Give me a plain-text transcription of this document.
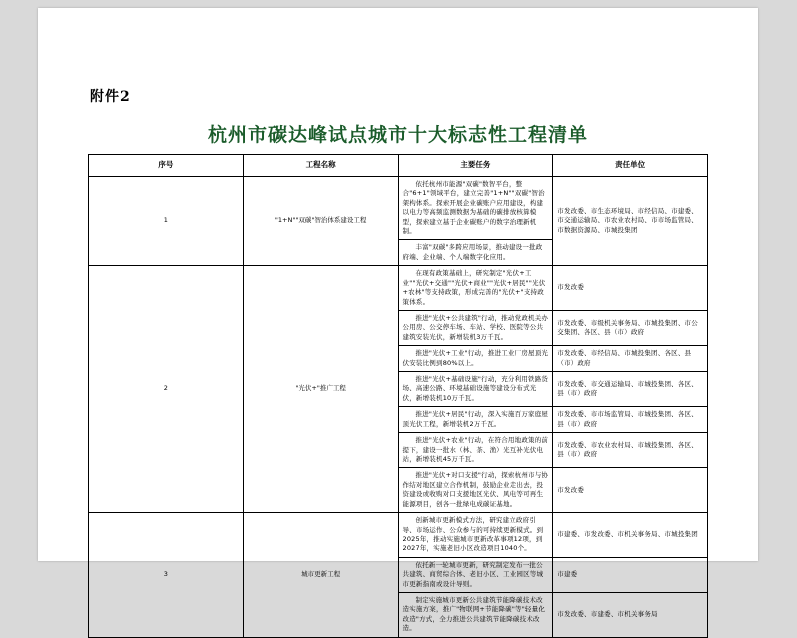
附件2
杭州市碳达峰试点城市十大标志性工程清单
序号	工程名称	主要任务	责任单位
1	"1+N""双碳"智治体系建设工程	依托杭州市能源"双碳"数智平台，整合"6+1"领域平台，建立完善"1+N""双碳"智治架构体系。探索开展企业碳账户应用建设，构建以电力等高频监测数据为基础的碳排放核算模型，探索建立基于企业碳账户的数字治理新机制。	市发改委、市生态环境局、市经信局、市建委、市交通运输局、市农业农村局、市市场监管局、市数据资源局、市城投集团

		丰富"双碳"多跨应用场景，推动建设一批政府端、企业端、个人端数字化应用。	

2	"光伏+"推广工程	在现有政策基础上，研究制定"光伏+工业""光伏+交通""光伏+商业""光伏+居民""光伏+农林"等支持政策，形成完善的"光伏+"支持政策体系。	市发改委

		推进"光伏+公共建筑"行动，推动党政机关办公用房、公交停车场、车站、学校、医院等公共建筑安装光伏，新增装机3万千瓦。	市发改委、市级机关事务局、市城投集团、市公交集团、各区、县（市）政府

		推进"光伏+工业"行动，推进工业厂房屋顶光伏安装比例到80%以上。	市发改委、市经信局、市城投集团、各区、县（市）政府

		推进"光伏+基础设施"行动，充分利用铁路货场、高速公路、环境基础设施等建设分布式光伏，新增装机10万千瓦。	市发改委、市交通运输局、市城投集团、各区、县（市）政府

		推进"光伏+居民"行动，深入实施百万家庭屋顶光伏工程，新增装机2万千瓦。	市发改委、市市场监管局、市城投集团、各区、县（市）政府

		推进"光伏+农业"行动，在符合用地政策的前提下，建设一批水（林、茶、渔）光互补光伏电站，新增装机45万千瓦。	市发改委、市农业农村局、市城投集团、各区、县（市）政府

		推进"光伏+对口支援"行动，探索杭州市与协作结对地区建立合作机制，鼓励企业走出去，投资建设或收购对口支援地区光伏、风电等可再生能源项目，创各一批绿电成碳证基地。	市发改委
3	城市更新工程	创新城市更新模式方法，研究建立政府引导、市场运作、公众参与的可持续更新模式。到2025年，推动实施城市更新改革事项12项，到2027年，实施老旧小区改造项目1040个。	市建委、市发改委、市机关事务局、市城投集团

		依托新一轮城市更新，研究制定发布一批公共建筑、商贸综合体、老旧小区、工业园区等城市更新指南或设计导则。	市建委

		制定实施城市更新公共建筑节能降碳技术改造实施方案，推广"物联网+节能降碳"等"轻量化改造"方式，全力推进公共建筑节能降碳技术改造。	市发改委、市建委、市机关事务局
